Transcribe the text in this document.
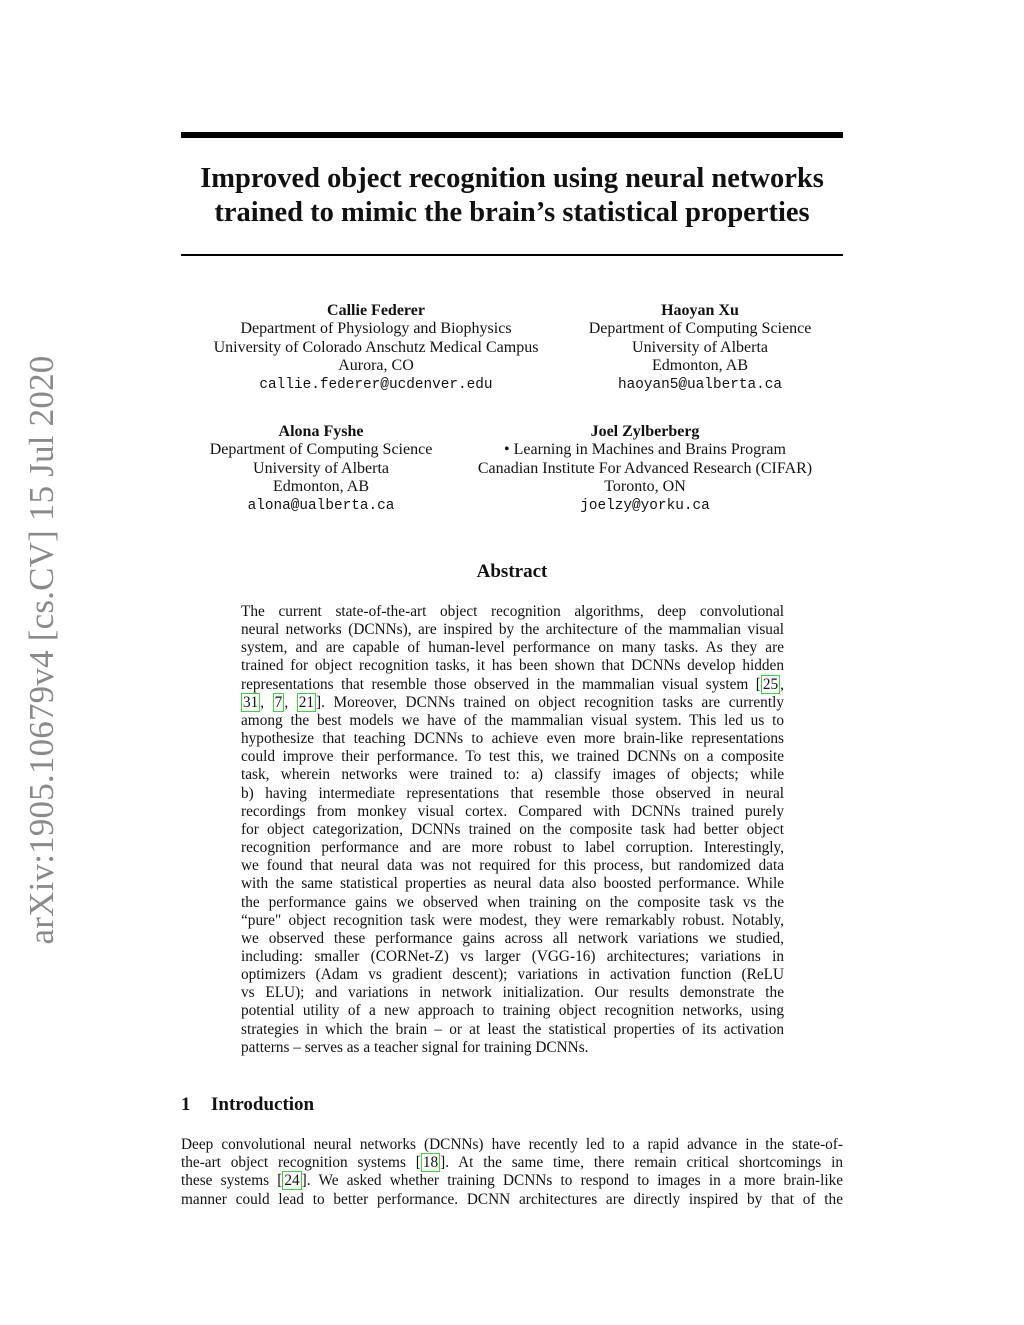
arXiv:1905.10679v4 [cs.CV] 15 Jul 2020
Improved object recognition using neural networks
trained to mimic the brain’s statistical properties
Callie Federer
Department of Physiology and Biophysics
University of Colorado Anschutz Medical Campus
Aurora, CO
callie.federer@ucdenver.edu
Haoyan Xu
Department of Computing Science
University of Alberta
Edmonton, AB
haoyan5@ualberta.ca
Alona Fyshe
Department of Computing Science
University of Alberta
Edmonton, AB
alona@ualberta.ca
Joel Zylberberg
• Learning in Machines and Brains Program
Canadian Institute For Advanced Research (CIFAR)
Toronto, ON
joelzy@yorku.ca
Abstract
The current state-of-the-art object recognition algorithms, deep convolutional
neural networks (DCNNs), are inspired by the architecture of the mammalian visual
system, and are capable of human-level performance on many tasks. As they are
trained for object recognition tasks, it has been shown that DCNNs develop hidden
representations that resemble those observed in the mammalian visual system [ 25 ,
31 , 7 , 21 ]. Moreover, DCNNs trained on object recognition tasks are currently
among the best models we have of the mammalian visual system. This led us to
hypothesize that teaching DCNNs to achieve even more brain-like representations
could improve their performance. To test this, we trained DCNNs on a composite
task, wherein networks were trained to: a) classify images of objects; while
b) having intermediate representations that resemble those observed in neural
recordings from monkey visual cortex. Compared with DCNNs trained purely
for object categorization, DCNNs trained on the composite task had better object
recognition performance and are more robust to label corruption. Interestingly,
we found that neural data was not required for this process, but randomized data
with the same statistical properties as neural data also boosted performance. While
the performance gains we observed when training on the composite task vs the
“pure" object recognition task were modest, they were remarkably robust. Notably,
we observed these performance gains across all network variations we studied,
including: smaller (CORNet-Z) vs larger (VGG-16) architectures; variations in
optimizers (Adam vs gradient descent); variations in activation function (ReLU
vs ELU); and variations in network initialization. Our results demonstrate the
potential utility of a new approach to training object recognition networks, using
strategies in which the brain – or at least the statistical properties of its activation
patterns – serves as a teacher signal for training DCNNs.
1 Introduction
Deep convolutional neural networks (DCNNs) have recently led to a rapid advance in the state-of-
the-art object recognition systems [ 18 ]. At the same time, there remain critical shortcomings in
these systems [ 24 ]. We asked whether training DCNNs to respond to images in a more brain-like
manner could lead to better performance. DCNN architectures are directly inspired by that of the
